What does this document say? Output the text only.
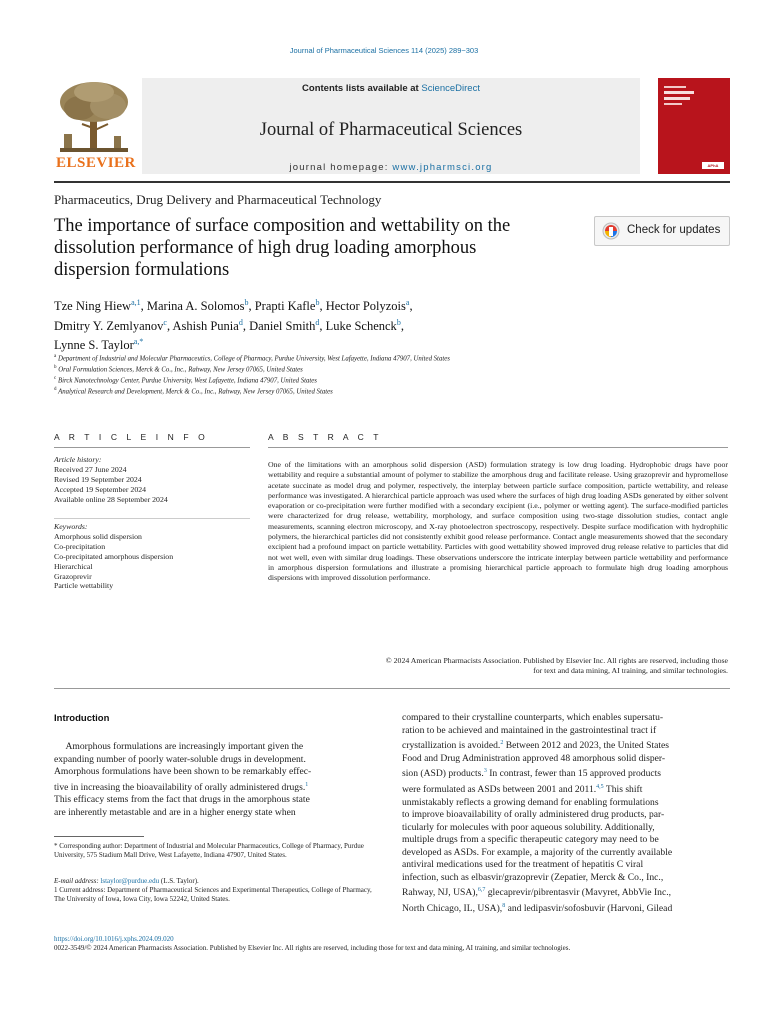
Journal of Pharmaceutical Sciences 114 (2025) 289−303
ELSEVIER
Contents lists available at ScienceDirect
Journal of Pharmaceutical Sciences
journal homepage: www.jpharmsci.org	APhA
Pharmaceutics, Drug Delivery and Pharmaceutical Technology
The importance of surface composition and wettability on the
dissolution performance of high drug loading amorphous
dispersion formulations
Check for updates
Tze Ning Hiew$^{a,1}$, Marina A. Solomos$^b$, Prapti Kafle$^b$, Hector Polyzois$^a$,
Dmitry Y. Zemlyanov$^c$, Ashish Punia$^d$, Daniel Smith$^d$, Luke Schenck$^b$,
Lynne S. Taylor$^{a,*}$
$^a$ Department of Industrial and Molecular Pharmaceutics, College of Pharmacy, Purdue University, West Lafayette, Indiana 47907, United States
$^b$ Oral Formulation Sciences, Merck & Co., Inc., Rahway, New Jersey 07065, United States
$^c$ Birck Nanotechnology Center, Purdue University, West Lafayette, Indiana 47907, United States
$^d$ Analytical Research and Development, Merck & Co., Inc., Rahway, New Jersey 07065, United States
A R T I C L E I N F O	A B S T R A C T
Article history:
Received 27 June 2024
Revised 19 September 2024
Accepted 19 September 2024
Available online 28 September 2024
Keywords:
Amorphous solid dispersion
Co-precipitation
Co-precipitated amorphous dispersion
Hierarchical
Grazoprevir
Particle wettability
One of the limitations with an amorphous solid dispersion (ASD) formulation strategy is low drug loading. Hydrophobic drugs have poor wettability and require a substantial amount of polymer to stabilize the amorphous drug and facilitate release. Using grazoprevir and hypromellose acetate succinate as model drug and polymer, respectively, the interplay between particle surface composition, particle wettability, and release performance was investigated. A hierarchical particle approach was used where the surfaces of high drug loading ASDs generated by either solvent evaporation or co-precipitation were further modified with a secondary excipient (i.e., polymer or wetting agent). The surface-modified particles were characterized for drug release, wettability, morphology, and surface composition using two-stage dissolution studies, contact angle measurements, scanning electron microscopy, and X-ray photoelectron spectroscopy, respectively. Despite surface modification with hydrophilic polymers, the hierarchical particles did not consistently exhibit good release performance. Contact angle measurements showed that the secondary excipient had a profound impact on particle wettability. Particles with good wettability showed improved drug release relative to particles that did not wet well, even with similar drug loadings. These observations underscore the intricate interplay between particle wettability and performance in amorphous dispersion formulations and illustrate a promising hierarchical particle approach to formulate high drug loading amorphous dispersions with improved dissolution performance.
© 2024 American Pharmacists Association. Published by Elsevier Inc. All rights are reserved, including those
for text and data mining, AI training, and similar technologies.
Introduction
Amorphous formulations are increasingly important given the
expanding number of poorly water-soluble drugs in development.
Amorphous formulations have been shown to be remarkably effec-
tive in increasing the bioavailability of orally administered drugs.$^1$
This efficacy stems from the fact that drugs in the amorphous state
are inherently metastable and are in a higher energy state when
compared to their crystalline counterparts, which enables supersatu-
ration to be achieved and maintained in the gastrointestinal tract if
crystallization is avoided.$^2$ Between 2012 and 2023, the United States
Food and Drug Administration approved 48 amorphous solid disper-
sion (ASD) products.$^3$ In contrast, fewer than 15 approved products
were formulated as ASDs between 2001 and 2011.$^{4,5}$ This shift
unmistakably reflects a growing demand for enabling formulations
to improve bioavailability of orally administered drug products, par-
ticularly for molecules with poor aqueous solubility. Additionally,
multiple drugs from a specific therapeutic category may need to be
developed as ASDs. For example, a majority of the currently available
antiviral medications used for the treatment of hepatitis C viral
infection, such as elbasvir/grazoprevir (Zepatier, Merck & Co., Inc.,
Rahway, NJ, USA),$^{6,7}$ glecaprevir/pibrentasvir (Mavyret, AbbVie Inc.,
North Chicago, IL, USA),$^8$ and ledipasvir/sofosbuvir (Harvoni, Gilead
* Corresponding author: Department of Industrial and Molecular Pharmaceutics, College of Pharmacy, Purdue University, 575 Stadium Mall Drive, West Lafayette, Indiana 47907, United States.
E-mail address: lstaylor@purdue.edu (L.S. Taylor).
1 Current address: Department of Pharmaceutical Sciences and Experimental Therapeutics, College of Pharmacy, The University of Iowa, Iowa City, Iowa 52242, United States.
https://doi.org/10.1016/j.xphs.2024.09.020
0022-3549/© 2024 American Pharmacists Association. Published by Elsevier Inc. All rights are reserved, including those for text and data mining, AI training, and similar technologies.
